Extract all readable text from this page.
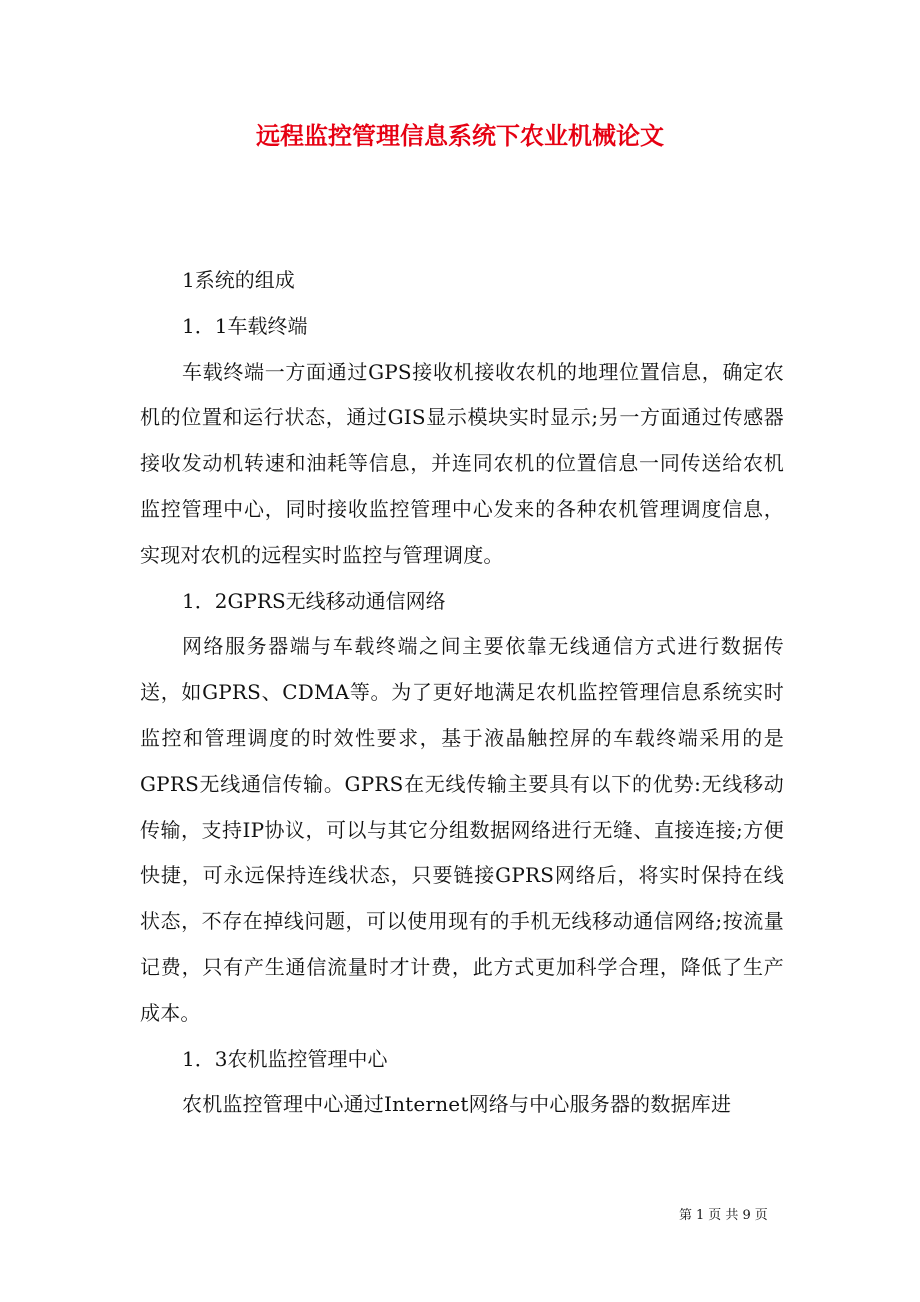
远程监控管理信息系统下农业机械论文

1系统的组成

1．1车载终端

车载终端一方面通过GPS接收机接收农机的地理位置信息，确定农机的位置和运行状态，通过GIS显示模块实时显示;另一方面通过传感器接收发动机转速和油耗等信息，并连同农机的位置信息一同传送给农机监控管理中心，同时接收监控管理中心发来的各种农机管理调度信息，实现对农机的远程实时监控与管理调度。

1．2GPRS无线移动通信网络

网络服务器端与车载终端之间主要依靠无线通信方式进行数据传送，如GPRS、CDMA等。为了更好地满足农机监控管理信息系统实时监控和管理调度的时效性要求，基于液晶触控屏的车载终端采用的是GPRS无线通信传输。GPRS在无线传输主要具有以下的优势:无线移动传输，支持IP协议，可以与其它分组数据网络进行无缝、直接连接;方便快捷，可永远保持连线状态，只要链接GPRS网络后，将实时保持在线状态，不存在掉线问题，可以使用现有的手机无线移动通信网络;按流量记费，只有产生通信流量时才计费，此方式更加科学合理，降低了生产成本。

1．3农机监控管理中心

农机监控管理中心通过Internet网络与中心服务器的数据库进

第 1 页 共 9 页
